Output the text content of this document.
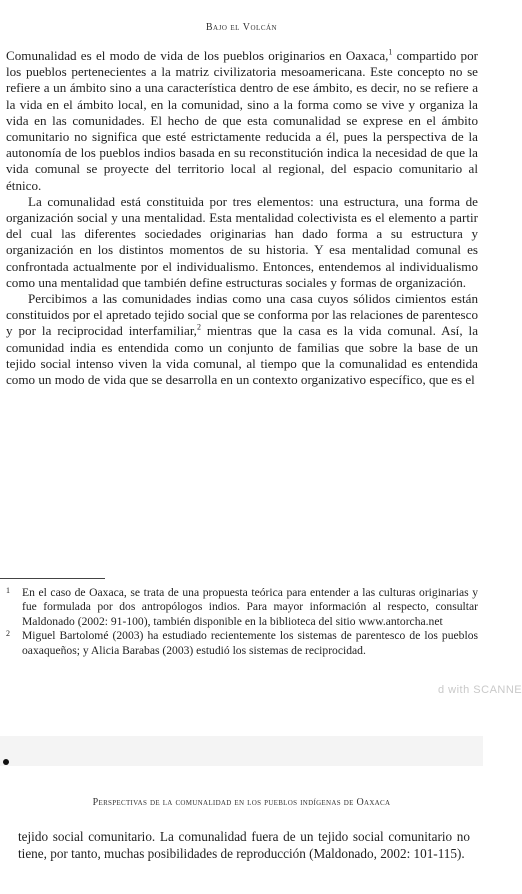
Bajo el Volcán

Comunalidad es el modo de vida de los pueblos originarios en Oaxaca,$^1$ compartido por los pueblos pertenecientes a la matriz civilizatoria mesoamericana. Este concepto no se refiere a un ámbito sino a una característica dentro de ese ámbito, es decir, no se refiere a la vida en el ámbito local, en la comunidad, sino a la forma como se vive y organiza la vida en las comunidades. El hecho de que esta comunalidad se exprese en el ámbito comunitario no significa que esté estrictamente reducida a él, pues la perspectiva de la autonomía de los pueblos indios basada en su reconstitución indica la necesidad de que la vida comunal se proyecte del territorio local al regional, del espacio comunitario al étnico.

La comunalidad está constituida por tres elementos: una estructura, una forma de organización social y una mentalidad. Esta mentalidad colectivista es el elemento a partir del cual las diferentes sociedades originarias han dado forma a su estructura y organización en los distintos momentos de su historia. Y esa mentalidad comunal es confrontada actualmente por el individualismo. Entonces, entendemos al individualismo como una mentalidad que también define estructuras sociales y formas de organización.

Percibimos a las comunidades indias como una casa cuyos sólidos cimientos están constituidos por el apretado tejido social que se conforma por las relaciones de parentesco y por la reciprocidad interfamiliar,$^2$ mientras que la casa es la vida comunal. Así, la comunidad india es entendida como un conjunto de familias que sobre la base de un tejido social intenso viven la vida comunal, al tiempo que la comunalidad es entendida como un modo de vida que se desarrolla en un contexto organizativo específico, que es el

1 En el caso de Oaxaca, se trata de una propuesta teórica para entender a las culturas originarias y fue formulada por dos antropólogos indios. Para mayor información al respecto, consultar Maldonado (2002: 91-100), también disponible en la biblioteca del sitio www.antorcha.net

2 Miguel Bartolomé (2003) ha estudiado recientemente los sistemas de parentesco de los pueblos oaxaqueños; y Alicia Barabas (2003) estudió los sistemas de reciprocidad.

d with SCANNE
Perspectivas de la comunalidad en los pueblos indígenas de Oaxaca
tejido social comunitario. La comunalidad fuera de un tejido social comunitario no tiene, por tanto, muchas posibilidades de reproducción (Maldonado, 2002: 101-115).
